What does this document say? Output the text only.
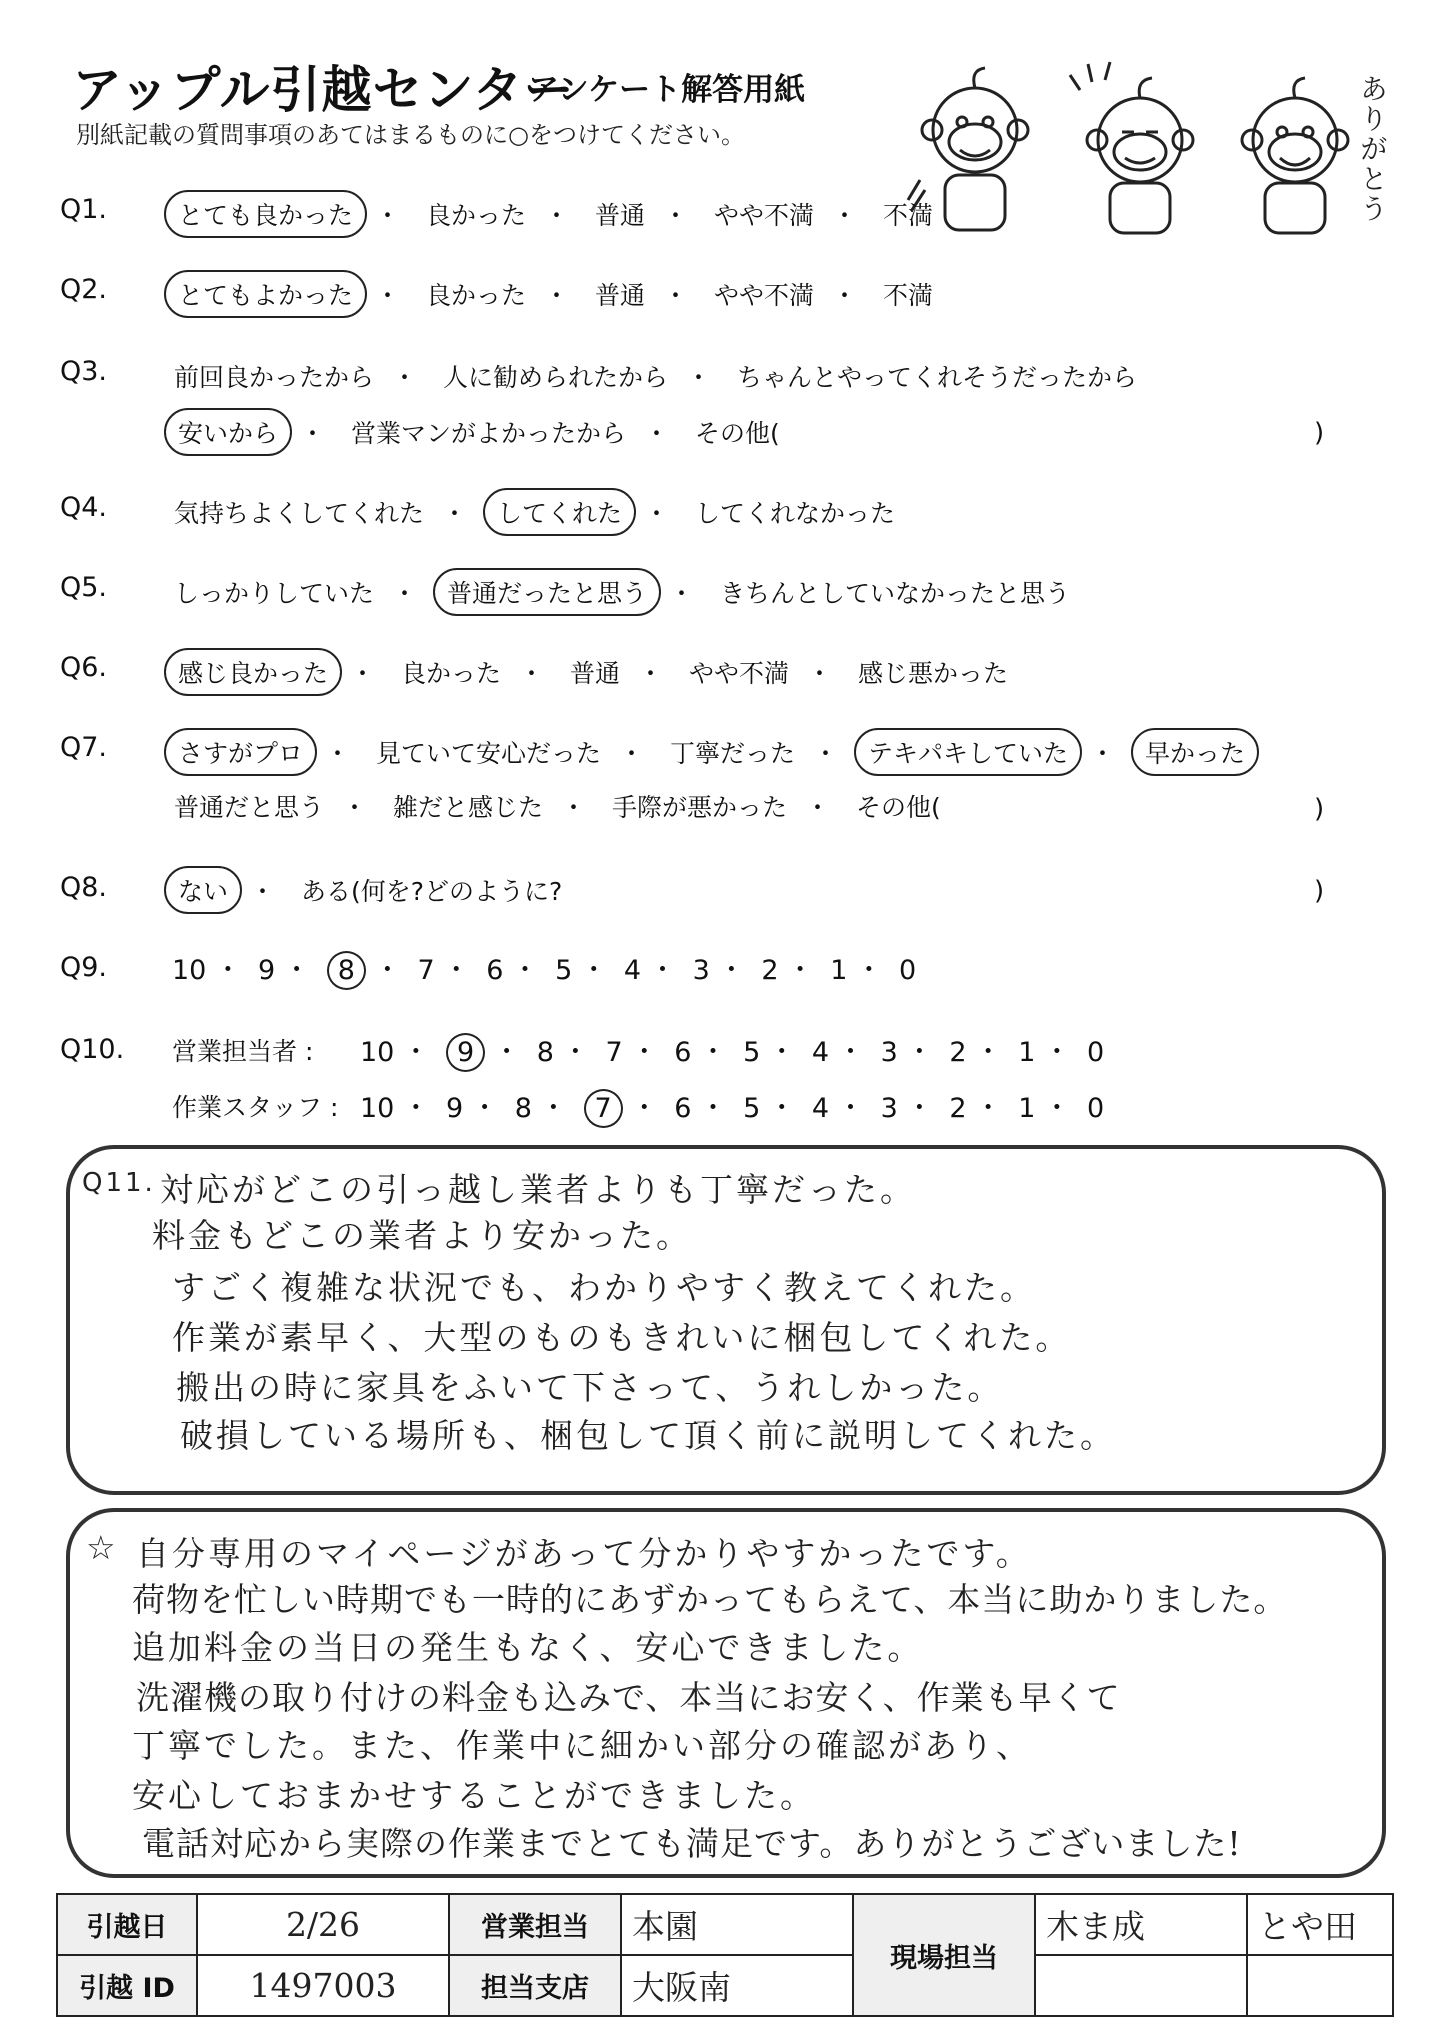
アップル引越センター
アンケート解答用紙
別紙記載の質問事項のあてはまるものに○をつけてください。	ありがとう
Q1.	とても良かった ・ 良かった ・ 普通 ・ やや不満 ・ 不満
Q2.	とてもよかった ・ 良かった ・ 普通 ・ やや不満 ・ 不満
Q3.	前回良かったから ・ 人に勧められたから ・ ちゃんとやってくれそうだったから
安いから ・ 営業マンがよかったから ・ その他(	)
Q4.	気持ちよくしてくれた ・ してくれた ・ してくれなかった
Q5.	しっかりしていた ・ 普通だったと思う ・ きちんとしていなかったと思う
Q6.	感じ良かった ・ 良かった ・ 普通 ・ やや不満 ・ 感じ悪かった
Q7.	さすがプロ ・ 見ていて安心だった ・ 丁寧だった ・ テキパキしていた ・ 早かった
普通だと思う ・ 雑だと感じた ・ 手際が悪かった ・ その他(	)
Q8.	ない ・ ある(何を?どのように?	)
Q9. 10 ・ 9 ・ 8 ・ 7 ・ 6 ・ 5 ・ 4 ・ 3 ・ 2 ・ 1 ・ 0
Q10. 営業担当者 : 10 ・ 9 ・ 8 ・ 7 ・ 6 ・ 5 ・ 4 ・ 3 ・ 2 ・ 1 ・ 0
作業スタッフ : 10 ・ 9 ・ 8 ・ 7 ・ 6 ・ 5 ・ 4 ・ 3 ・ 2 ・ 1 ・ 0
Q11. 対応がどこの引っ越し業者よりも丁寧だった。
料金もどこの業者より安かった。
すごく複雑な状況でも、わかりやすく教えてくれた。
作業が素早く、大型のものもきれいに梱包してくれた。
搬出の時に家具をふいて下さって、うれしかった。
破損している場所も、梱包して頂く前に説明してくれた。
☆ 自分専用のマイページがあって分かりやすかったです。
荷物を忙しい時期でも一時的にあずかってもらえて、本当に助かりました。
追加料金の当日の発生もなく、安心できました。
洗濯機の取り付けの料金も込みで、本当にお安く、作業も早くて
丁寧でした。また、作業中に細かい部分の確認があり、
安心しておまかせすることができました。
電話対応から実際の作業までとても満足です。ありがとうございました!
引越日	2/26	営業担当	本園	現場担当	木ま成	とや田
引越 ID	1497003	担当支店	大阪南			
